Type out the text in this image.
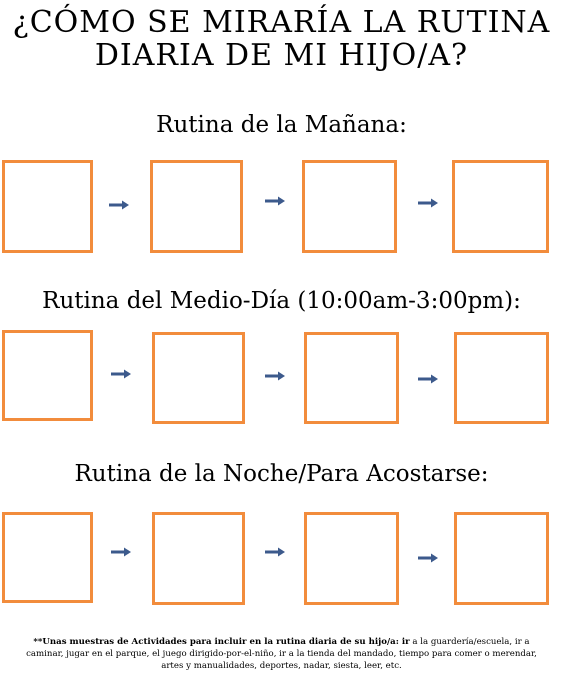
¿CÓMO SE MIRARÍA LA RUTINA
DIARIA DE MI HIJO/A?
Rutina de la Mañana:
Rutina del Medio-Día (10:00am-3:00pm):
Rutina de la Noche/Para Acostarse:
**Unas muestras de Actividades para incluir en la rutina diaria de su hijo/a: ir a la guardería/escuela, ir a caminar, jugar en el parque, el juego dirigido-por-el-niño, ir a la tienda del mandado, tiempo para comer o merendar, artes y manualidades, deportes, nadar, siesta, leer, etc.
